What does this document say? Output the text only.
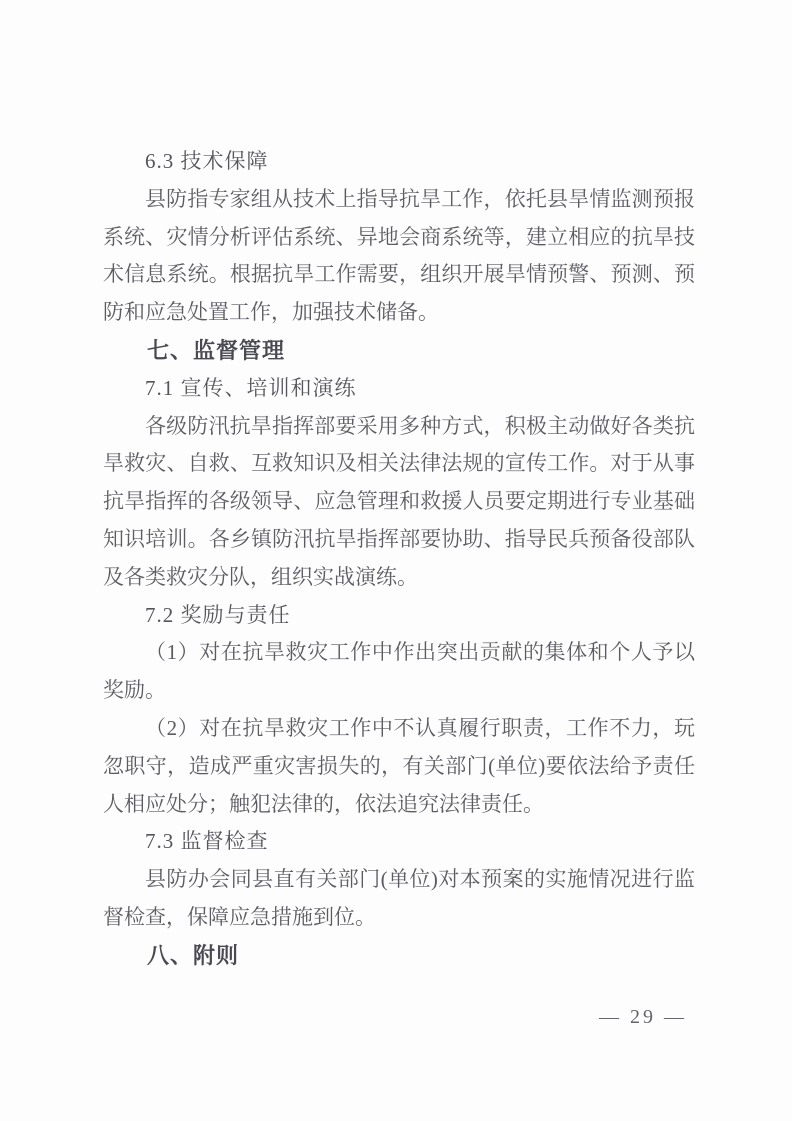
6.3 技术保障
县防指专家组从技术上指导抗旱工作，依托县旱情监测预报系统、灾情分析评估系统、异地会商系统等，建立相应的抗旱技术信息系统。根据抗旱工作需要，组织开展旱情预警、预测、预防和应急处置工作，加强技术储备。
七、监督管理
7.1 宣传、培训和演练
各级防汛抗旱指挥部要采用多种方式，积极主动做好各类抗旱救灾、自救、互救知识及相关法律法规的宣传工作。对于从事抗旱指挥的各级领导、应急管理和救援人员要定期进行专业基础知识培训。各乡镇防汛抗旱指挥部要协助、指导民兵预备役部队及各类救灾分队，组织实战演练。
7.2 奖励与责任
（1）对在抗旱救灾工作中作出突出贡献的集体和个人予以奖励。
（2）对在抗旱救灾工作中不认真履行职责，工作不力，玩忽职守，造成严重灾害损失的，有关部门(单位)要依法给予责任人相应处分；触犯法律的，依法追究法律责任。
7.3 监督检查
县防办会同县直有关部门(单位)对本预案的实施情况进行监督检查，保障应急措施到位。
八、附则
— 29 —
